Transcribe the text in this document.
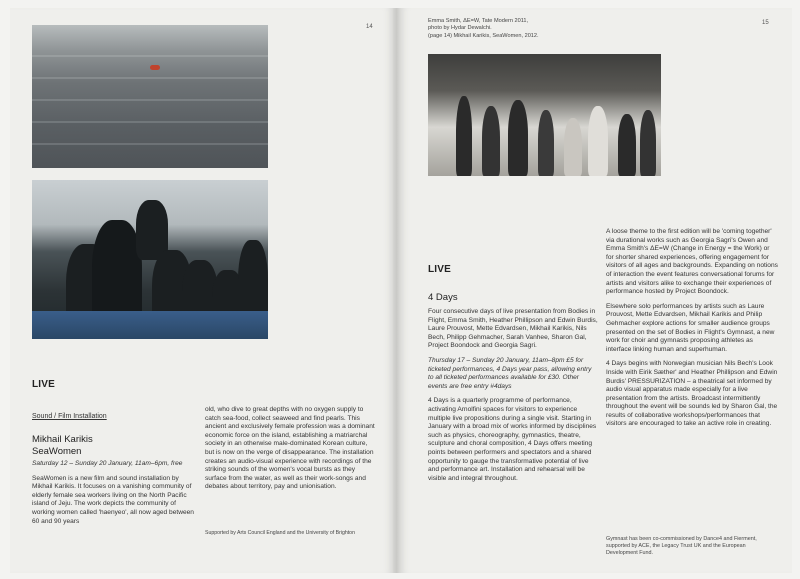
14
LIVE
Sound / Film Installation
Mikhail Karikis
SeaWomen

Saturday 12 – Sunday 20 January, 11am–6pm, free

SeaWomen is a new film and sound installation by Mikhail Karikis. It focuses on a vanishing community of elderly female sea workers living on the North Pacific island of Jeju. The work depicts the community of working women called 'haenyeo', all now aged between 60 and 90 years

old, who dive to great depths with no oxygen supply to catch sea-food, collect seaweed and find pearls. This ancient and exclusively female profession was a dominant economic force on the island, establishing a matriarchal society in an otherwise male-dominated Korean culture, but is now on the verge of disappearance. The installation creates an audio-visual experience with recordings of the striking sounds of the women's vocal bursts as they surface from the water, as well as their work-songs and debates about territory, pay and unionisation.

Supported by Arts Council England and the University of Brighton
Emma Smith, ΔE=W, Tate Modern 2011,
photo by Hydar Dewalchi.
(page 14) Mikhail Karikis, SeaWomen, 2012.
15
LIVE
4 Days

Four consecutive days of live presentation from Bodies in Flight, Emma Smith, Heather Phillipson and Edwin Burdis, Laure Prouvost, Mette Edvardsen, Mikhail Karikis, Nils Bech, Philipp Gehmacher, Sarah Vanhee, Sharon Gal, Project Boondock and Georgia Sagri.

Thursday 17 – Sunday 20 January, 11am–8pm £5 for ticketed performances, 4 Days year pass, allowing entry to all ticketed performances available for £30. Other events are free entry #4days

4 Days is a quarterly programme of performance, activating Arnolfini spaces for visitors to experience multiple live propositions during a single visit. Starting in January with a broad mix of works informed by disciplines such as physics, choreography, gymnastics, theatre, sculpture and choral composition, 4 Days offers meeting points between performers and spectators and a shared opportunity to gauge the transformative potential of live and performance art. Installation and rehearsal will be visible and integral throughout.

A loose theme to the first edition will be 'coming together' via durational works such as Georgia Sagri's Owen and Emma Smith's ΔE=W (Change in Energy = the Work) or for shorter shared experiences, offering engagement for visitors of all ages and backgrounds. Expanding on notions of interaction the event features conversational forums for artists and visitors alike to exchange their experiences of performance hosted by Project Boondock.

Elsewhere solo performances by artists such as Laure Prouvost, Mette Edvardsen, Mikhail Karikis and Philip Gehmacher explore actions for smaller audience groups presented on the set of Bodies in Flight's Gymnast, a new work for choir and gymnasts proposing athletes as interface linking human and superhuman.

4 Days begins with Norwegian musician Nils Bech's Look Inside with Eirik Sæther' and Heather Phillipson and Edwin Burdis' PRESSURIZATION – a theatrical set informed by audio visual apparatus made especially for a live presentation from the artists. Broadcast intermittently throughout the event will be sounds led by Sharon Gal, the results of collaborative workshops/performances that visitors are encouraged to take an active role in creating.

Gymnast has been co-commissioned by Dance4 and Fierment, supported by ACE, the Legacy Trust UK and the European Development Fund.
